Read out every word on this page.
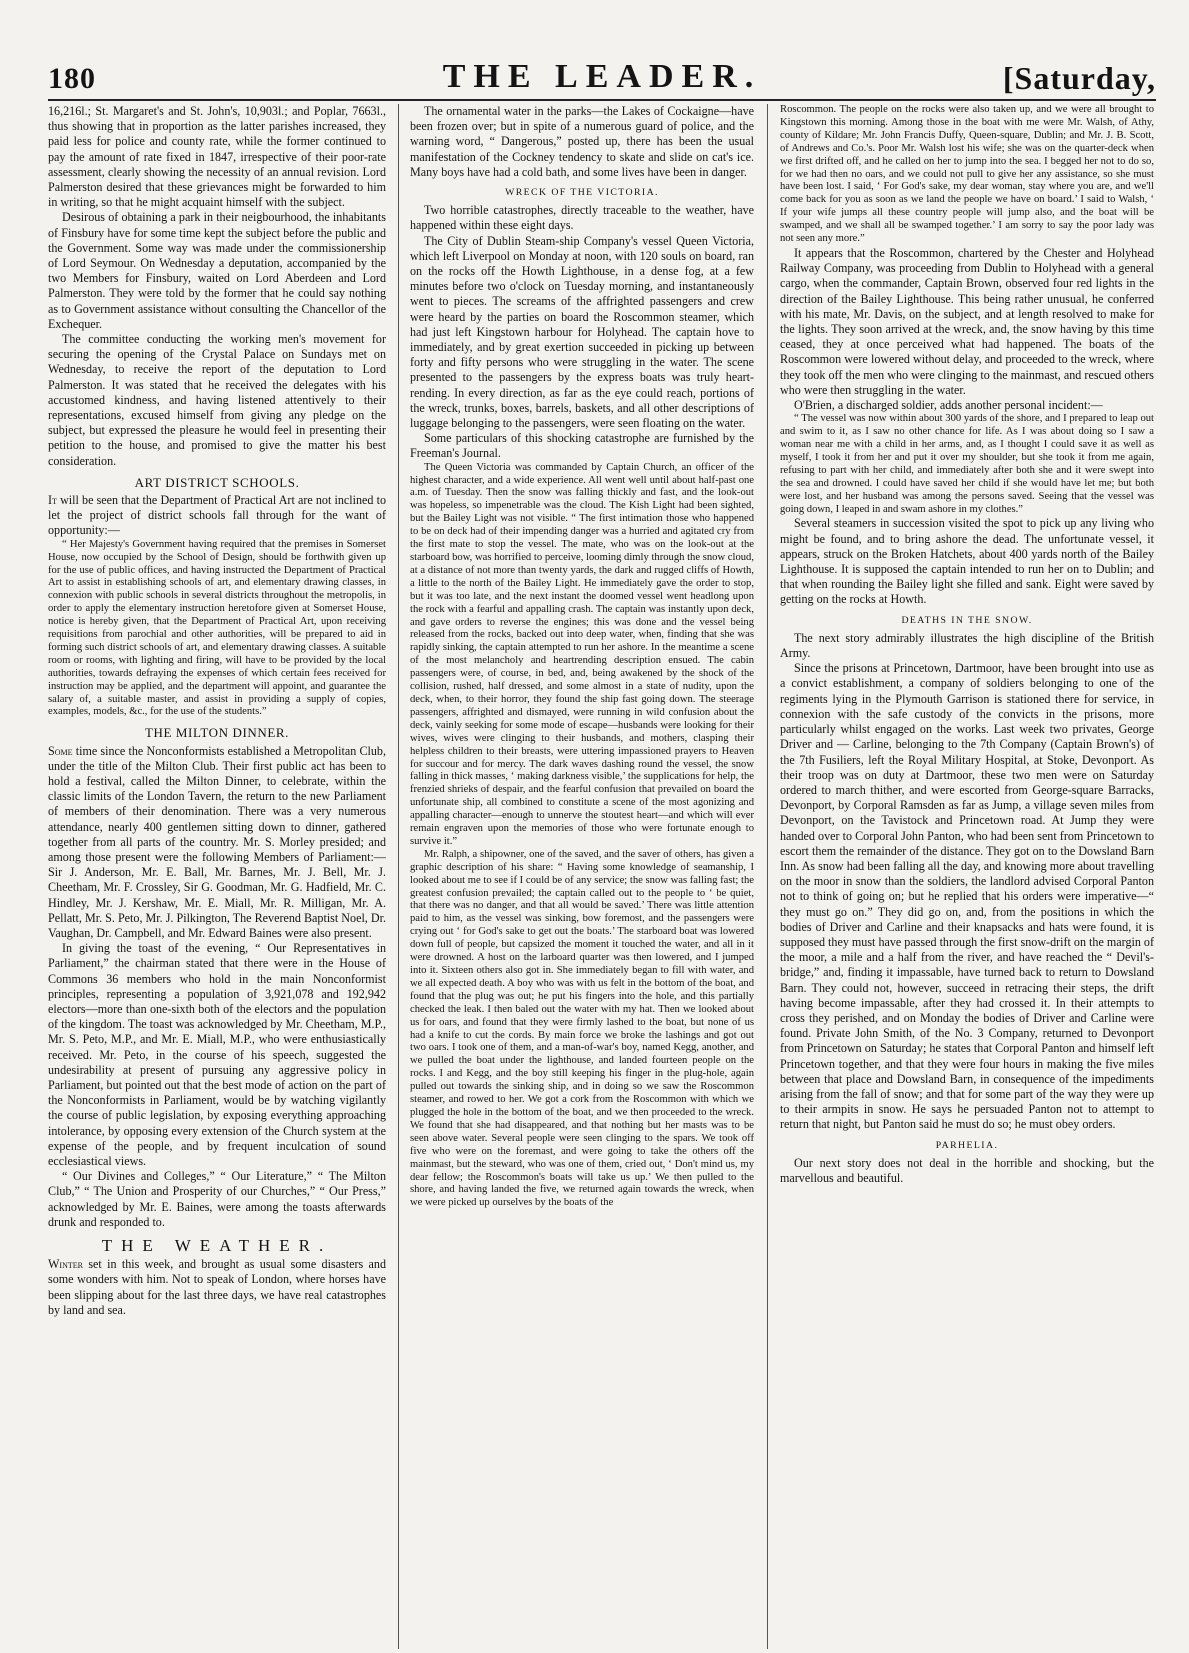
180	THE LEADER.	[Saturday,

16,216l.; St. Margaret's and St. John's, 10,903l.; and Poplar, 7663l., thus showing that in proportion as the latter parishes increased, they paid less for police and county rate, while the former continued to pay the amount of rate fixed in 1847, irrespective of their poor-rate assessment, clearly showing the necessity of an annual revision. Lord Palmerston desired that these grievances might be forwarded to him in writing, so that he might acquaint himself with the subject.

Desirous of obtaining a park in their neigbourhood, the inhabitants of Finsbury have for some time kept the subject before the public and the Government. Some way was made under the commissionership of Lord Seymour. On Wednesday a deputation, accompanied by the two Members for Finsbury, waited on Lord Aberdeen and Lord Palmerston. They were told by the former that he could say nothing as to Government assistance without consulting the Chancellor of the Exchequer.

The committee conducting the working men's movement for securing the opening of the Crystal Palace on Sundays met on Wednesday, to receive the report of the deputation to Lord Palmerston. It was stated that he received the delegates with his accustomed kindness, and having listened attentively to their representations, excused himself from giving any pledge on the subject, but expressed the pleasure he would feel in presenting their petition to the house, and promised to give the matter his best consideration.

ART DISTRICT SCHOOLS.

It will be seen that the Department of Practical Art are not inclined to let the project of district schools fall through for the want of opportunity:—

“ Her Majesty's Government having required that the premises in Somerset House, now occupied by the School of Design, should be forthwith given up for the use of public offices, and having instructed the Department of Practical Art to assist in establishing schools of art, and elementary drawing classes, in connexion with public schools in several districts throughout the metropolis, in order to apply the elementary instruction heretofore given at Somerset House, notice is hereby given, that the Department of Practical Art, upon receiving requisitions from parochial and other authorities, will be prepared to aid in forming such district schools of art, and elementary drawing classes. A suitable room or rooms, with lighting and firing, will have to be provided by the local authorities, towards defraying the expenses of which certain fees received for instruction may be applied, and the department will appoint, and guarantee the salary of, a suitable master, and assist in providing a supply of copies, examples, models, &c., for the use of the students.”

THE MILTON DINNER.

Some time since the Nonconformists established a Metropolitan Club, under the title of the Milton Club. Their first public act has been to hold a festival, called the Milton Dinner, to celebrate, within the classic limits of the London Tavern, the return to the new Parliament of members of their denomination. There was a very numerous attendance, nearly 400 gentlemen sitting down to dinner, gathered together from all parts of the country. Mr. S. Morley presided; and among those present were the following Members of Parliament:—Sir J. Anderson, Mr. E. Ball, Mr. Barnes, Mr. J. Bell, Mr. J. Cheetham, Mr. F. Crossley, Sir G. Goodman, Mr. G. Hadfield, Mr. C. Hindley, Mr. J. Kershaw, Mr. E. Miall, Mr. R. Milligan, Mr. A. Pellatt, Mr. S. Peto, Mr. J. Pilkington, The Reverend Baptist Noel, Dr. Vaughan, Dr. Campbell, and Mr. Edward Baines were also present.

In giving the toast of the evening, “ Our Representatives in Parliament,” the chairman stated that there were in the House of Commons 36 members who hold in the main Nonconformist principles, representing a population of 3,921,078 and 192,942 electors—more than one-sixth both of the electors and the population of the kingdom. The toast was acknowledged by Mr. Cheetham, M.P., Mr. S. Peto, M.P., and Mr. E. Miall, M.P., who were enthusiastically received. Mr. Peto, in the course of his speech, suggested the undesirability at present of pursuing any aggressive policy in Parliament, but pointed out that the best mode of action on the part of the Nonconformists in Parliament, would be by watching vigilantly the course of public legislation, by exposing everything approaching intolerance, by opposing every extension of the Church system at the expense of the people, and by frequent inculcation of sound ecclesiastical views.

“ Our Divines and Colleges,” “ Our Literature,” “ The Milton Club,” “ The Union and Prosperity of our Churches,” “ Our Press,” acknowledged by Mr. E. Baines, were among the toasts afterwards drunk and responded to.

THE WEATHER.

Winter set in this week, and brought as usual some disasters and some wonders with him. Not to speak of London, where horses have been slipping about for the last three days, we have real catastrophes by land and sea.

The ornamental water in the parks—the Lakes of Cockaigne—have been frozen over; but in spite of a numerous guard of police, and the warning word, “ Dangerous,” posted up, there has been the usual manifestation of the Cockney tendency to skate and slide on cat's ice. Many boys have had a cold bath, and some lives have been in danger.

WRECK OF THE VICTORIA.

Two horrible catastrophes, directly traceable to the weather, have happened within these eight days.

The City of Dublin Steam-ship Company's vessel Queen Victoria, which left Liverpool on Monday at noon, with 120 souls on board, ran on the rocks off the Howth Lighthouse, in a dense fog, at a few minutes before two o'clock on Tuesday morning, and instantaneously went to pieces. The screams of the affrighted passengers and crew were heard by the parties on board the Roscommon steamer, which had just left Kingstown harbour for Holyhead. The captain hove to immediately, and by great exertion succeeded in picking up between forty and fifty persons who were struggling in the water. The scene presented to the passengers by the express boats was truly heart-rending. In every direction, as far as the eye could reach, portions of the wreck, trunks, boxes, barrels, baskets, and all other descriptions of luggage belonging to the passengers, were seen floating on the water.

Some particulars of this shocking catastrophe are furnished by the Freeman's Journal.

The Queen Victoria was commanded by Captain Church, an officer of the highest character, and a wide experience. All went well until about half-past one a.m. of Tuesday. Then the snow was falling thickly and fast, and the look-out was hopeless, so impenetrable was the cloud. The Kish Light had been sighted, but the Bailey Light was not visible. “ The first intimation those who happened to be on deck had of their impending danger was a hurried and agitated cry from the first mate to stop the vessel. The mate, who was on the look-out at the starboard bow, was horrified to perceive, looming dimly through the snow cloud, at a distance of not more than twenty yards, the dark and rugged cliffs of Howth, a little to the north of the Bailey Light. He immediately gave the order to stop, but it was too late, and the next instant the doomed vessel went headlong upon the rock with a fearful and appalling crash. The captain was instantly upon deck, and gave orders to reverse the engines; this was done and the vessel being released from the rocks, backed out into deep water, when, finding that she was rapidly sinking, the captain attempted to run her ashore. In the meantime a scene of the most melancholy and heartrending description ensued. The cabin passengers were, of course, in bed, and, being awakened by the shock of the collision, rushed, half dressed, and some almost in a state of nudity, upon the deck, when, to their horror, they found the ship fast going down. The steerage passengers, affrighted and dismayed, were running in wild confusion about the deck, vainly seeking for some mode of escape—husbands were looking for their wives, wives were clinging to their husbands, and mothers, clasping their helpless children to their breasts, were uttering impassioned prayers to Heaven for succour and for mercy. The dark waves dashing round the vessel, the snow falling in thick masses, ‘ making darkness visible,’ the supplications for help, the frenzied shrieks of despair, and the fearful confusion that prevailed on board the unfortunate ship, all combined to constitute a scene of the most agonizing and appalling character—enough to unnerve the stoutest heart—and which will ever remain engraven upon the memories of those who were fortunate enough to survive it.”

Mr. Ralph, a shipowner, one of the saved, and the saver of others, has given a graphic description of his share: “ Having some knowledge of seamanship, I looked about me to see if I could be of any service; the snow was falling fast; the greatest confusion prevailed; the captain called out to the people to ‘ be quiet, that there was no danger, and that all would be saved.’ There was little attention paid to him, as the vessel was sinking, bow foremost, and the passengers were crying out ‘ for God's sake to get out the boats.’ The starboard boat was lowered down full of people, but capsized the moment it touched the water, and all in it were drowned. A host on the larboard quarter was then lowered, and I jumped into it. Sixteen others also got in. She immediately began to fill with water, and we all expected death. A boy who was with us felt in the bottom of the boat, and found that the plug was out; he put his fingers into the hole, and this partially checked the leak. I then baled out the water with my hat. Then we looked about us for oars, and found that they were firmly lashed to the boat, but none of us had a knife to cut the cords. By main force we broke the lashings and got out two oars. I took one of them, and a man-of-war's boy, named Kegg, another, and we pulled the boat under the lighthouse, and landed fourteen people on the rocks. I and Kegg, and the boy still keeping his finger in the plug-hole, again pulled out towards the sinking ship, and in doing so we saw the Roscommon steamer, and rowed to her. We got a cork from the Roscommon with which we plugged the hole in the bottom of the boat, and we then proceeded to the wreck. We found that she had disappeared, and that nothing but her masts was to be seen above water. Several people were seen clinging to the spars. We took off five who were on the foremast, and were going to take the others off the mainmast, but the steward, who was one of them, cried out, ‘ Don't mind us, my dear fellow; the Roscommon's boats will take us up.’ We then pulled to the shore, and having landed the five, we returned again towards the wreck, when we were picked up ourselves by the boats of the

Roscommon. The people on the rocks were also taken up, and we were all brought to Kingstown this morning. Among those in the boat with me were Mr. Walsh, of Athy, county of Kildare; Mr. John Francis Duffy, Queen-square, Dublin; and Mr. J. B. Scott, of Andrews and Co.'s. Poor Mr. Walsh lost his wife; she was on the quarter-deck when we first drifted off, and he called on her to jump into the sea. I begged her not to do so, for we had then no oars, and we could not pull to give her any assistance, so she must have been lost. I said, ‘ For God's sake, my dear woman, stay where you are, and we'll come back for you as soon as we land the people we have on board.’ I said to Walsh, ‘ If your wife jumps all these country people will jump also, and the boat will be swamped, and we shall all be swamped together.’ I am sorry to say the poor lady was not seen any more.”

It appears that the Roscommon, chartered by the Chester and Holyhead Railway Company, was proceeding from Dublin to Holyhead with a general cargo, when the commander, Captain Brown, observed four red lights in the direction of the Bailey Lighthouse. This being rather unusual, he conferred with his mate, Mr. Davis, on the subject, and at length resolved to make for the lights. They soon arrived at the wreck, and, the snow having by this time ceased, they at once perceived what had happened. The boats of the Roscommon were lowered without delay, and proceeded to the wreck, where they took off the men who were clinging to the mainmast, and rescued others who were then struggling in the water.

O'Brien, a discharged soldier, adds another personal incident:—

“ The vessel was now within about 300 yards of the shore, and I prepared to leap out and swim to it, as I saw no other chance for life. As I was about doing so I saw a woman near me with a child in her arms, and, as I thought I could save it as well as myself, I took it from her and put it over my shoulder, but she took it from me again, refusing to part with her child, and immediately after both she and it were swept into the sea and drowned. I could have saved her child if she would have let me; but both were lost, and her husband was among the persons saved. Seeing that the vessel was going down, I leaped in and swam ashore in my clothes.”

Several steamers in succession visited the spot to pick up any living who might be found, and to bring ashore the dead. The unfortunate vessel, it appears, struck on the Broken Hatchets, about 400 yards north of the Bailey Lighthouse. It is supposed the captain intended to run her on to Dublin; and that when rounding the Bailey light she filled and sank. Eight were saved by getting on the rocks at Howth.

DEATHS IN THE SNOW.

The next story admirably illustrates the high discipline of the British Army.

Since the prisons at Princetown, Dartmoor, have been brought into use as a convict establishment, a company of soldiers belonging to one of the regiments lying in the Plymouth Garrison is stationed there for service, in connexion with the safe custody of the convicts in the prisons, more particularly whilst engaged on the works. Last week two privates, George Driver and — Carline, belonging to the 7th Company (Captain Brown's) of the 7th Fusiliers, left the Royal Military Hospital, at Stoke, Devonport. As their troop was on duty at Dartmoor, these two men were on Saturday ordered to march thither, and were escorted from George-square Barracks, Devonport, by Corporal Ramsden as far as Jump, a village seven miles from Devonport, on the Tavistock and Princetown road. At Jump they were handed over to Corporal John Panton, who had been sent from Princetown to escort them the remainder of the distance. They got on to the Dowsland Barn Inn. As snow had been falling all the day, and knowing more about travelling on the moor in snow than the soldiers, the landlord advised Corporal Panton not to think of going on; but he replied that his orders were imperative—“ they must go on.” They did go on, and, from the positions in which the bodies of Driver and Carline and their knapsacks and hats were found, it is supposed they must have passed through the first snow-drift on the margin of the moor, a mile and a half from the river, and have reached the “ Devil's-bridge,” and, finding it impassable, have turned back to return to Dowsland Barn. They could not, however, succeed in retracing their steps, the drift having become impassable, after they had crossed it. In their attempts to cross they perished, and on Monday the bodies of Driver and Carline were found. Private John Smith, of the No. 3 Company, returned to Devonport from Princetown on Saturday; he states that Corporal Panton and himself left Princetown together, and that they were four hours in making the five miles between that place and Dowsland Barn, in consequence of the impediments arising from the fall of snow; and that for some part of the way they were up to their armpits in snow. He says he persuaded Panton not to attempt to return that night, but Panton said he must do so; he must obey orders.

PARHELIA.

Our next story does not deal in the horrible and shocking, but the marvellous and beautiful.
